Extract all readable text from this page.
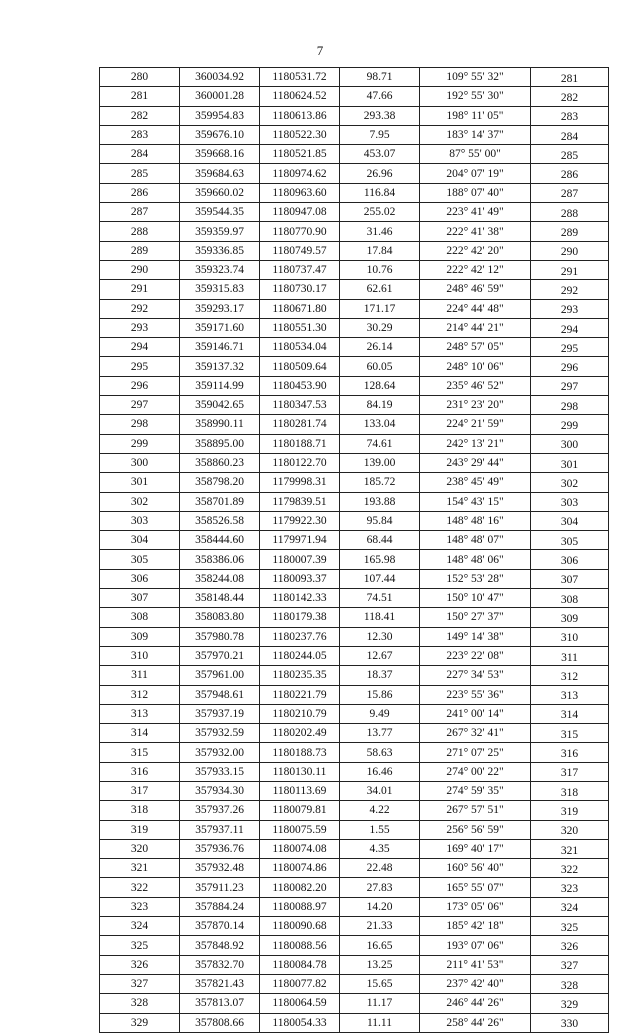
7
280	360034.92	1180531.72	98.71	109° 55' 32"	281
281	360001.28	1180624.52	47.66	192° 55' 30"	282
282	359954.83	1180613.86	293.38	198° 11' 05"	283
283	359676.10	1180522.30	7.95	183° 14' 37"	284
284	359668.16	1180521.85	453.07	87° 55' 00"	285
285	359684.63	1180974.62	26.96	204° 07' 19"	286
286	359660.02	1180963.60	116.84	188° 07' 40"	287
287	359544.35	1180947.08	255.02	223° 41' 49"	288
288	359359.97	1180770.90	31.46	222° 41' 38"	289
289	359336.85	1180749.57	17.84	222° 42' 20"	290
290	359323.74	1180737.47	10.76	222° 42' 12"	291
291	359315.83	1180730.17	62.61	248° 46' 59"	292
292	359293.17	1180671.80	171.17	224° 44' 48"	293
293	359171.60	1180551.30	30.29	214° 44' 21"	294
294	359146.71	1180534.04	26.14	248° 57' 05"	295
295	359137.32	1180509.64	60.05	248° 10' 06"	296
296	359114.99	1180453.90	128.64	235° 46' 52"	297
297	359042.65	1180347.53	84.19	231° 23' 20"	298
298	358990.11	1180281.74	133.04	224° 21' 59"	299
299	358895.00	1180188.71	74.61	242° 13' 21"	300
300	358860.23	1180122.70	139.00	243° 29' 44"	301
301	358798.20	1179998.31	185.72	238° 45' 49"	302
302	358701.89	1179839.51	193.88	154° 43' 15"	303
303	358526.58	1179922.30	95.84	148° 48' 16"	304
304	358444.60	1179971.94	68.44	148° 48' 07"	305
305	358386.06	1180007.39	165.98	148° 48' 06"	306
306	358244.08	1180093.37	107.44	152° 53' 28"	307
307	358148.44	1180142.33	74.51	150° 10' 47"	308
308	358083.80	1180179.38	118.41	150° 27' 37"	309
309	357980.78	1180237.76	12.30	149° 14' 38"	310
310	357970.21	1180244.05	12.67	223° 22' 08"	311
311	357961.00	1180235.35	18.37	227° 34' 53"	312
312	357948.61	1180221.79	15.86	223° 55' 36"	313
313	357937.19	1180210.79	9.49	241° 00' 14"	314
314	357932.59	1180202.49	13.77	267° 32' 41"	315
315	357932.00	1180188.73	58.63	271° 07' 25"	316
316	357933.15	1180130.11	16.46	274° 00' 22"	317
317	357934.30	1180113.69	34.01	274° 59' 35"	318
318	357937.26	1180079.81	4.22	267° 57' 51"	319
319	357937.11	1180075.59	1.55	256° 56' 59"	320
320	357936.76	1180074.08	4.35	169° 40' 17"	321
321	357932.48	1180074.86	22.48	160° 56' 40"	322
322	357911.23	1180082.20	27.83	165° 55' 07"	323
323	357884.24	1180088.97	14.20	173° 05' 06"	324
324	357870.14	1180090.68	21.33	185° 42' 18"	325
325	357848.92	1180088.56	16.65	193° 07' 06"	326
326	357832.70	1180084.78	13.25	211° 41' 53"	327
327	357821.43	1180077.82	15.65	237° 42' 40"	328
328	357813.07	1180064.59	11.17	246° 44' 26"	329
329	357808.66	1180054.33	11.11	258° 44' 26"	330
